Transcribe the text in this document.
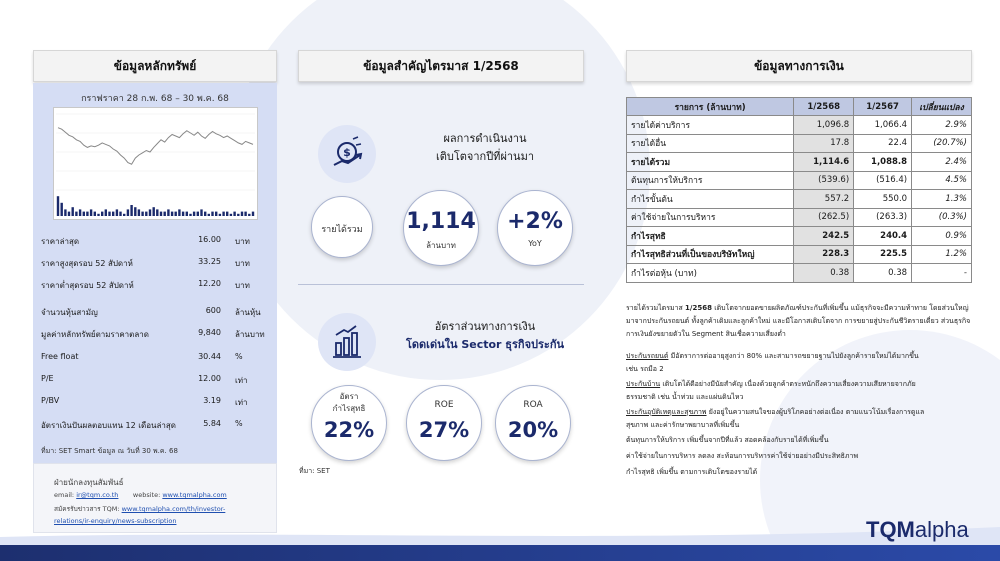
ข้อมูลหลักทรัพย์	ข้อมูลสำคัญไตรมาส 1/2568	ข้อมูลทางการเงิน
กราฟราคา 28 ก.พ. 68 – 30 พ.ค. 68
ราคาล่าสุด	16.00 บาท
ราคาสูงสุดรอบ 52 สัปดาห์	33.25 บาท
ราคาต่ำสุดรอบ 52 สัปดาห์	12.20 บาท
จำนวนหุ้นสามัญ	600 ล้านหุ้น
มูลค่าหลักทรัพย์ตามราคาตลาด	9,840 ล้านบาท
Free float	30.44 %
P/E	12.00 เท่า
P/BV	3.19 เท่า
อัตราเงินปันผลตอบแทน 12 เดือนล่าสุด	5.84 %
ที่มา: SET Smart ข้อมูล ณ วันที่ 30 พ.ค. 68
ฝ่ายนักลงทุนสัมพันธ์
email: ir@tqm.co.th website: www.tqmalpha.com
สมัครรับข่าวสาร TQM: www.tqmalpha.com/th/investor-
relations/ir-enquiry/news-subscription
$
ผลการดำเนินงาน
เติบโตจากปีที่ผ่านมา
รายได้รวม	1,114
ล้านบาท
+2%
YoY
อัตราส่วนทางการเงิน
โดดเด่นใน Sector ธุรกิจประกัน
อัตรา
กำไรสุทธิ
22%
ROE
27%
ROA
20%
ที่มา: SET
รายการ (ล้านบาท)	1/2568	1/2567	เปลี่ยนแปลง
รายได้ค่าบริการ	1,096.8	1,066.4	2.9%
รายได้อื่น	17.8	22.4	(20.7%)
รายได้รวม	1,114.6	1,088.8	2.4%
ต้นทุนการให้บริการ	(539.6)	(516.4)	4.5%
กำไรขั้นต้น	557.2	550.0	1.3%
ค่าใช้จ่ายในการบริหาร	(262.5)	(263.3)	(0.3%)
กำไรสุทธิ	242.5	240.4	0.9%
กำไรสุทธิส่วนที่เป็นของบริษัทใหญ่	228.3	225.5	1.2%
กำไรต่อหุ้น (บาท)	0.38	0.38	-
รายได้รวมไตรมาส 1/2568 เติบโตจากยอดขายผลิตภัณฑ์ประกันที่เพิ่มขึ้น แม้ธุรกิจจะมีความท้าทาย โดยส่วนใหญ่มาจากประกันรถยนต์ ทั้งลูกค้าเดิมและลูกค้าใหม่ และมีโอกาสเติบโตจาก การขยายสู่ประกันชีวิตรายเดี่ยว ส่วนธุรกิจการเงินยังขยายตัวใน Segment สินเชื่อความเสี่ยงต่ำ
ประกันรถยนต์ มีอัตราการต่ออายุสูงกว่า 80% และสามารถขยายฐานไปยังลูกค้ารายใหม่ได้มากขึ้น
เช่น รถมือ 2
ประกันบ้าน เติบโตได้ดีอย่างมีนัยสำคัญ เนื่องด้วยลูกค้าตระหนักถึงความเสี่ยงความเสียหายจากภัย
ธรรมชาติ เช่น น้ำท่วม และแผ่นดินไหว
ประกันอุบัติเหตุและสุขภาพ ยังอยู่ในความสนใจของผู้บริโภคอย่างต่อเนื่อง ตามแนวโน้มเรื่องการดูแล
สุขภาพ และค่ารักษาพยาบาลที่เพิ่มขึ้น
ต้นทุนการให้บริการ เพิ่มขึ้นจากปีที่แล้ว สอดคล้องกับรายได้ที่เพิ่มขึ้น
ค่าใช้จ่ายในการบริหาร ลดลง สะท้อนการบริหารค่าใช้จ่ายอย่างมีประสิทธิภาพ
กำไรสุทธิ เพิ่มขึ้น ตามการเติบโตของรายได้
TQMalpha
